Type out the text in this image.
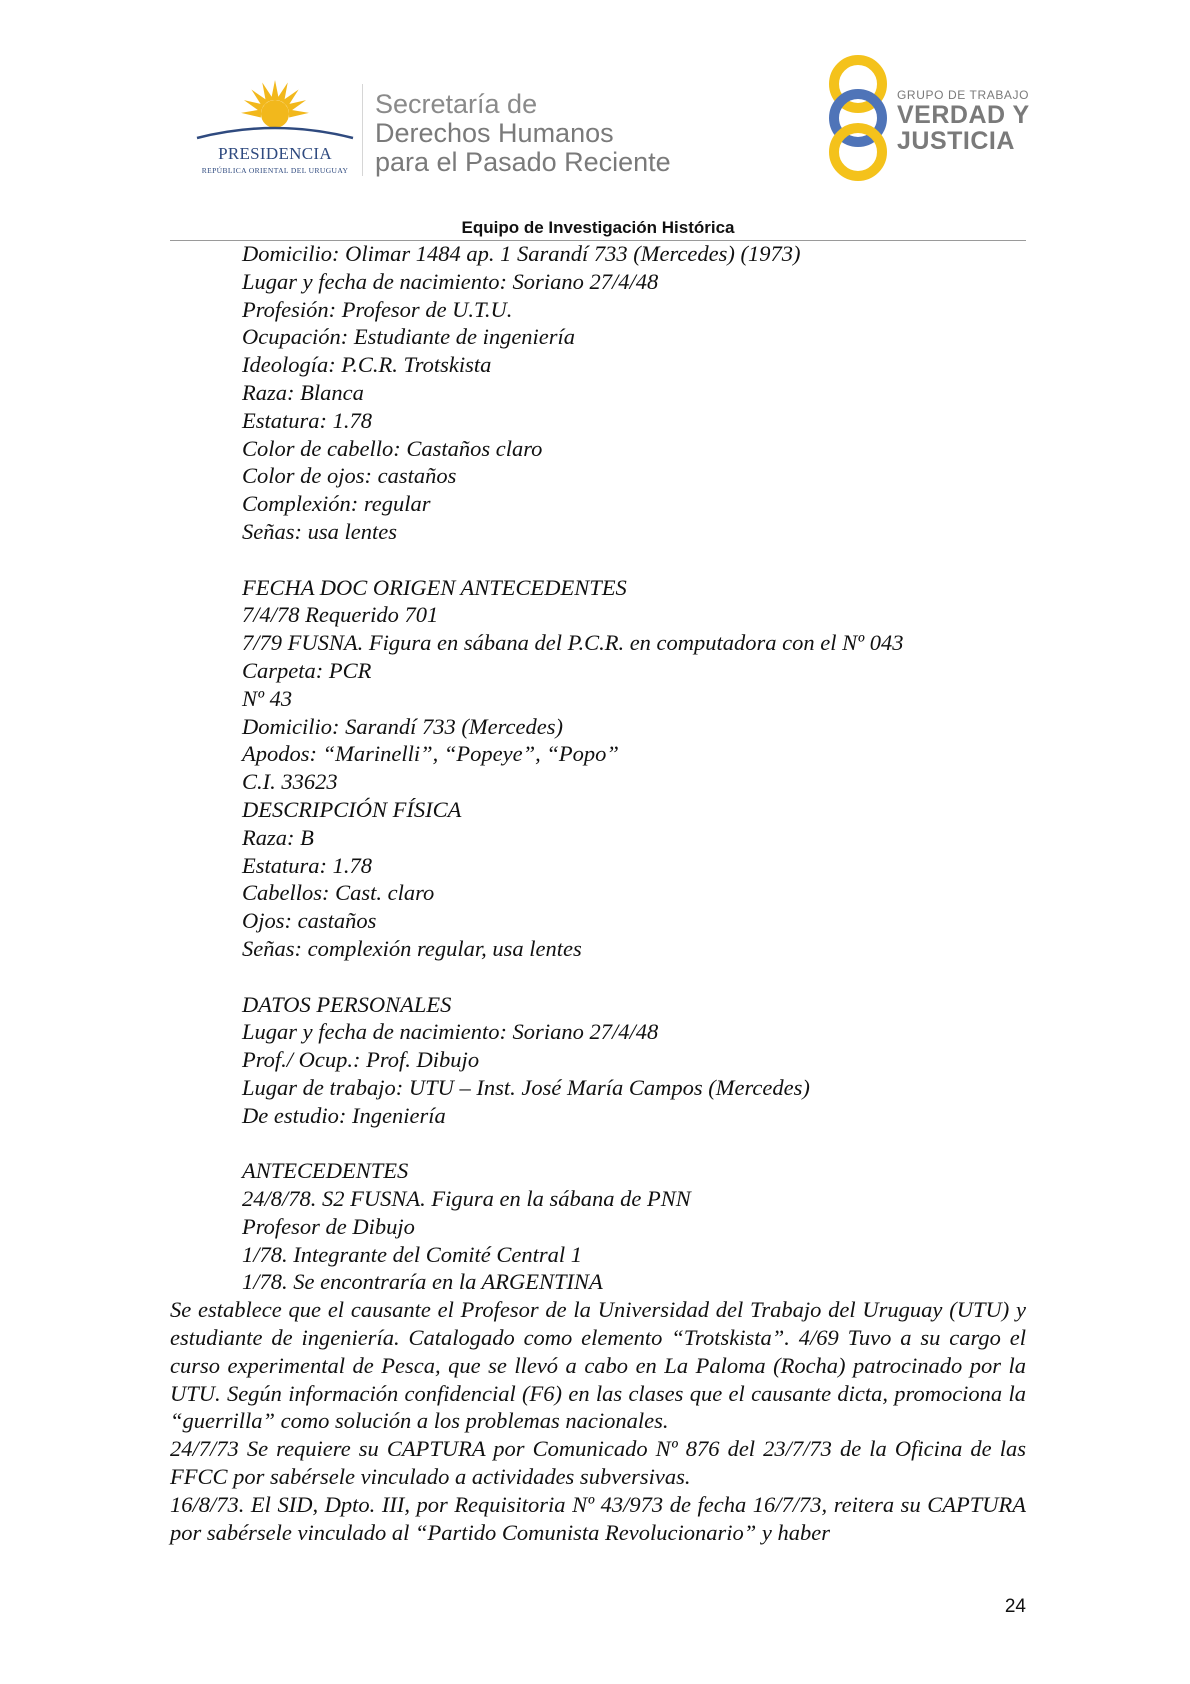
PRESIDENCIA
REPÚBLICA ORIENTAL DEL URUGUAY
Secretaría de
Derechos Humanos
para el Pasado Reciente
GRUPO DE TRABAJO
VERDAD Y
JUSTICIA
Equipo de Investigación Histórica
Domicilio: Olimar 1484 ap. 1 Sarandí 733 (Mercedes) (1973)
Lugar y fecha de nacimiento: Soriano 27/4/48
Profesión: Profesor de U.T.U.
Ocupación: Estudiante de ingeniería
Ideología: P.C.R. Trotskista
Raza: Blanca
Estatura: 1.78
Color de cabello: Castaños claro
Color de ojos: castaños
Complexión: regular
Señas: usa lentes
FECHA DOC ORIGEN ANTECEDENTES
7/4/78 Requerido 701
7/79 FUSNA. Figura en sábana del P.C.R. en computadora con el Nº 043
Carpeta: PCR
Nº 43
Domicilio: Sarandí 733 (Mercedes)
Apodos: “Marinelli”, “Popeye”, “Popo”
C.I. 33623
DESCRIPCIÓN FÍSICA
Raza: B
Estatura: 1.78
Cabellos: Cast. claro
Ojos: castaños
Señas: complexión regular, usa lentes
DATOS PERSONALES
Lugar y fecha de nacimiento: Soriano 27/4/48
Prof./ Ocup.: Prof. Dibujo
Lugar de trabajo: UTU – Inst. José María Campos (Mercedes)
De estudio: Ingeniería
ANTECEDENTES
24/8/78. S2 FUSNA. Figura en la sábana de PNN
Profesor de Dibujo
1/78. Integrante del Comité Central 1
1/78. Se encontraría en la ARGENTINA
Se establece que el causante el Profesor de la Universidad del Trabajo del Uruguay (UTU) y estudiante de ingeniería. Catalogado como elemento “Trotskista”. 4/69 Tuvo a su cargo el curso experimental de Pesca, que se llevó a cabo en La Paloma (Rocha) patrocinado por la UTU. Según información confidencial (F6) en las clases que el causante dicta, promociona la “guerrilla” como solución a los problemas nacionales.
24/7/73 Se requiere su CAPTURA por Comunicado Nº 876 del 23/7/73 de la Oficina de las FFCC por sabérsele vinculado a actividades subversivas.
16/8/73. El SID, Dpto. III, por Requisitoria Nº 43/973 de fecha 16/7/73, reitera su CAPTURA por sabérsele vinculado al “Partido Comunista Revolucionario” y haber
24
